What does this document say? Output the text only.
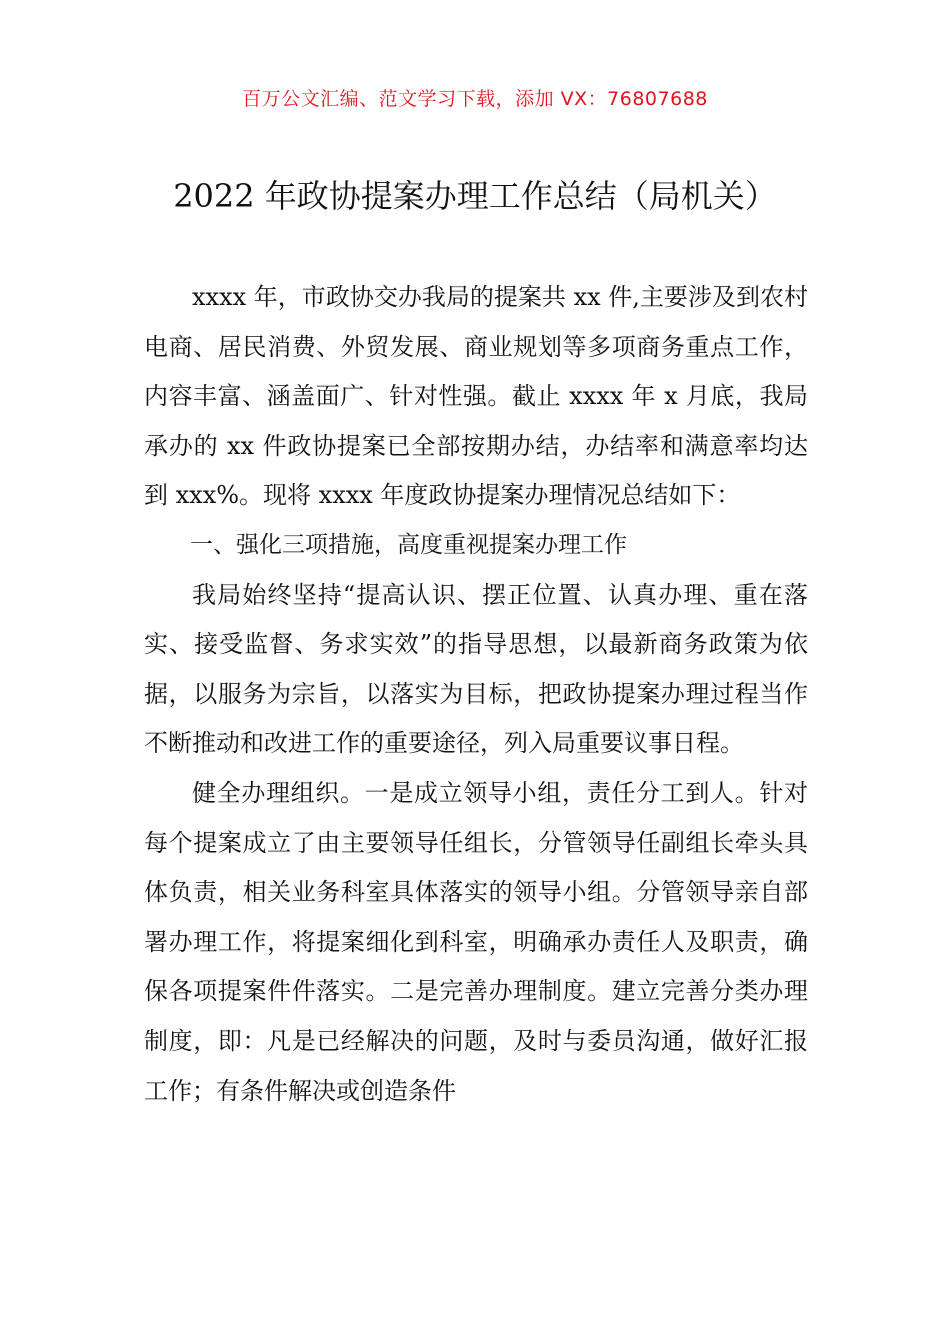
百万公文汇编、范文学习下载，添加 VX：76807688
2022 年政协提案办理工作总结（局机关）

xxxx 年，市政协交办我局的提案共 xx 件,主要涉及到农村电商、居民消费、外贸发展、商业规划等多项商务重点工作，内容丰富、涵盖面广、针对性强。截止 xxxx 年 x 月底，我局承办的 xx 件政协提案已全部按期办结，办结率和满意率均达到 xxx%。现将 xxxx 年度政协提案办理情况总结如下：

一、强化三项措施，高度重视提案办理工作

我局始终坚持“提高认识、摆正位置、认真办理、重在落实、接受监督、务求实效”的指导思想，以最新商务政策为依据，以服务为宗旨，以落实为目标，把政协提案办理过程当作不断推动和改进工作的重要途径，列入局重要议事日程。

健全办理组织。一是成立领导小组，责任分工到人。针对每个提案成立了由主要领导任组长，分管领导任副组长牵头具体负责，相关业务科室具体落实的领导小组。分管领导亲自部署办理工作，将提案细化到科室，明确承办责任人及职责，确保各项提案件件落实。二是完善办理制度。建立完善分类办理制度，即：凡是已经解决的问题，及时与委员沟通，做好汇报工作；有条件解决或创造条件
